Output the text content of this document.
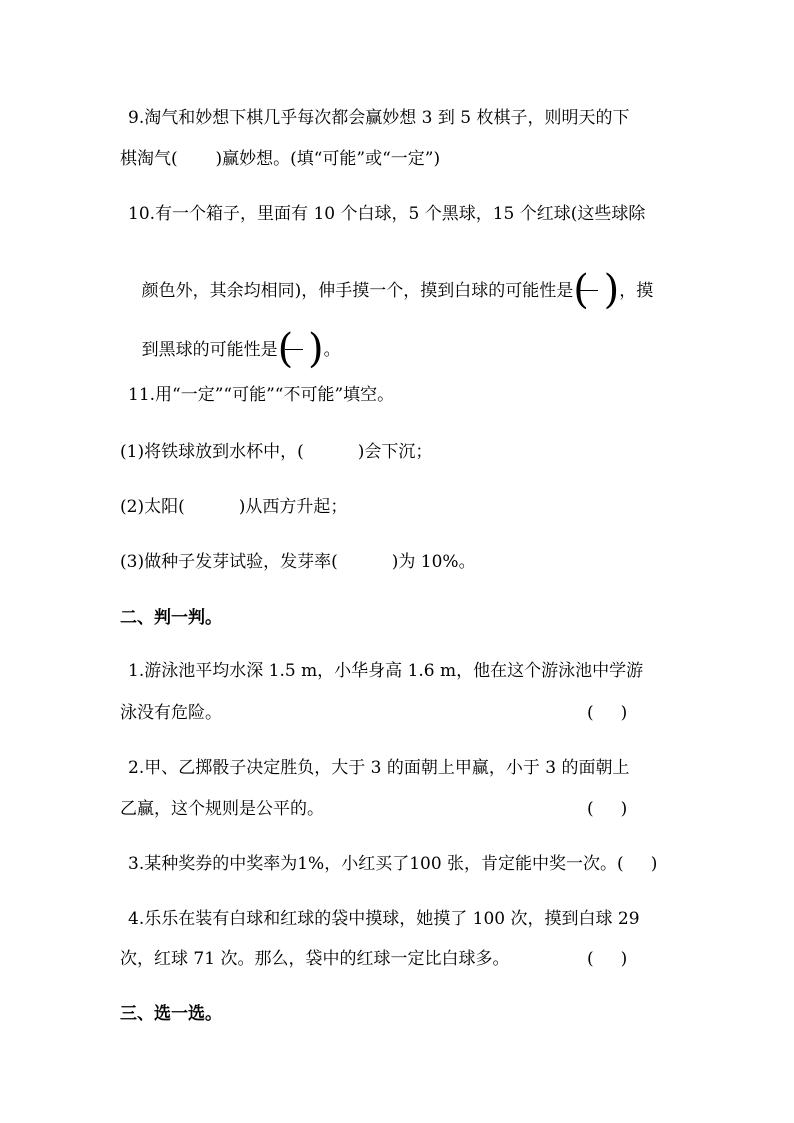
9.淘气和妙想下棋几乎每次都会赢妙想 3 到 5 枚棋子，则明天的下
棋淘气(       )赢妙想。(填“可能”或“一定”)
10.有一个箱子，里面有 10 个白球，5 个黑球，15 个红球(这些球除

颜色外，其余均相同)，伸手摸一个，摸到白球的可能性是 ( ) ，摸

到黑球的可能性是 ( ) 。

11.用“一定”“可能”“不可能”填空。
(1)将铁球放到水杯中，(          )会下沉；
(2)太阳(          )从西方升起；
(3)做种子发芽试验，发芽率(          )为 10%。
二、判一判。
1.游泳池平均水深 1.5 m，小华身高 1.6 m，他在这个游泳池中学游
泳没有危险。	(     )
2.甲、乙掷骰子决定胜负，大于 3 的面朝上甲赢，小于 3 的面朝上
乙赢，这个规则是公平的。	(     )
3.某种奖券的中奖率为1%，小红买了100 张，肯定能中奖一次。(     )
4.乐乐在装有白球和红球的袋中摸球，她摸了 100 次，摸到白球 29
次，红球 71 次。那么，袋中的红球一定比白球多。	(     )
三、选一选。
